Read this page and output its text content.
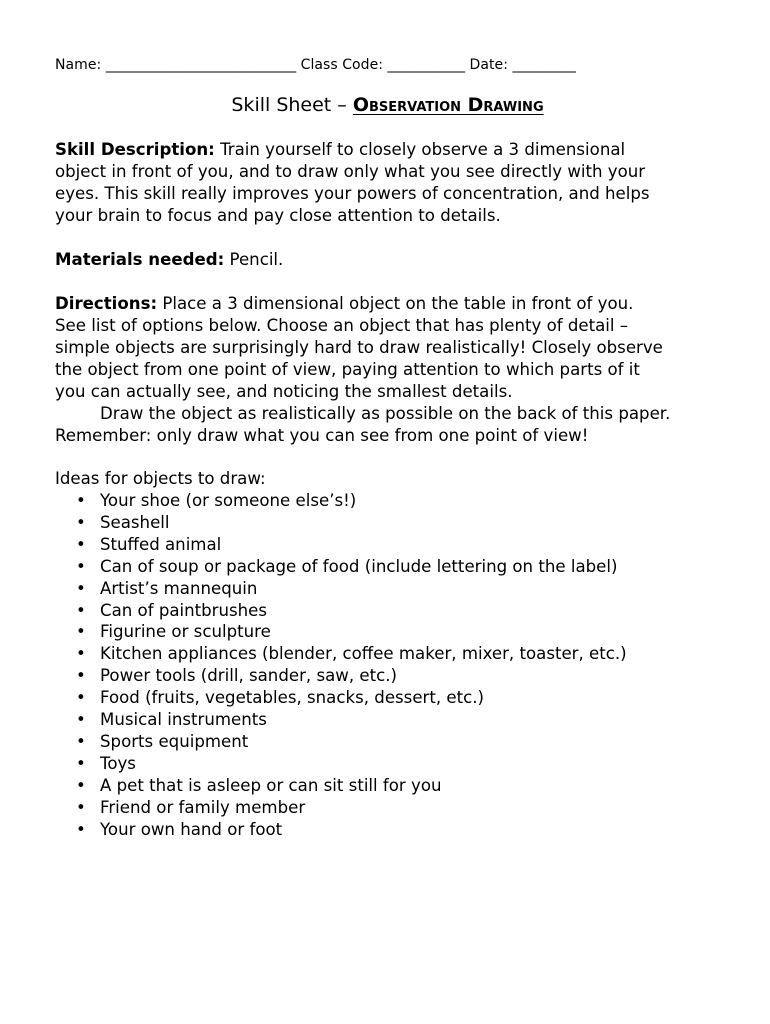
Name: ___________________________ Class Code: ___________ Date: _________
Skill Sheet – Observation Drawing
Skill Description: Train yourself to closely observe a 3 dimensional
object in front of you, and to draw only what you see directly with your
eyes. This skill really improves your powers of concentration, and helps
your brain to focus and pay close attention to details.
Materials needed: Pencil.
Directions: Place a 3 dimensional object on the table in front of you.
See list of options below. Choose an object that has plenty of detail –
simple objects are surprisingly hard to draw realistically! Closely observe
the object from one point of view, paying attention to which parts of it
you can actually see, and noticing the smallest details.
Draw the object as realistically as possible on the back of this paper.
Remember: only draw what you can see from one point of view!
Ideas for objects to draw:
• Your shoe (or someone else’s!)
• Seashell
• Stuffed animal
• Can of soup or package of food (include lettering on the label)
• Artist’s mannequin
• Can of paintbrushes
• Figurine or sculpture
• Kitchen appliances (blender, coffee maker, mixer, toaster, etc.)
• Power tools (drill, sander, saw, etc.)
• Food (fruits, vegetables, snacks, dessert, etc.)
• Musical instruments
• Sports equipment
• Toys
• A pet that is asleep or can sit still for you
• Friend or family member
• Your own hand or foot
